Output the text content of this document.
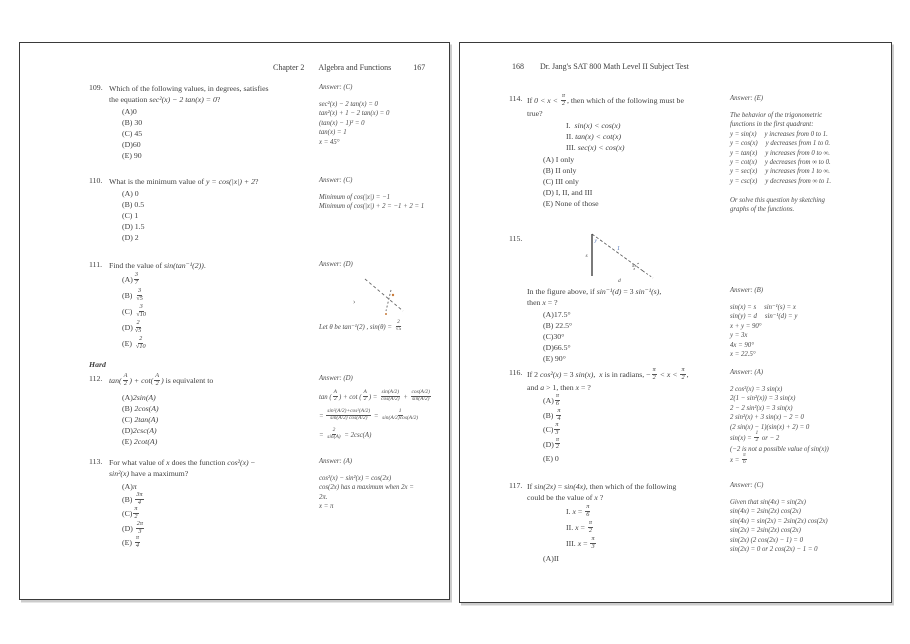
Chapter 2 Algebra and Functions	167
109. Which of the following values, in degrees, satisfies
the equation sec²(x) − 2 tan(x) = 0?
(A)0
(B) 30
(C) 45
(D)60
(E) 90
Answer: (C)
sec²(x) − 2 tan(x) = 0
tan²(x) + 1 − 2 tan(x) = 0
(tan(x) − 1)² = 0
tan(x) = 1
x = 45°
110. What is the minimum value of y = cos(|x|) + 2?
(A) 0
(B) 0.5
(C) 1
(D) 1.5
(D) 2
Answer: (C)
Minimum of cos(|x|) = −1
Minimum of cos(|x|) + 2 = −1 + 2 = 1
111. Find the value of sin(tan⁻¹(2)).
$(A) \frac{3}{7}$
$(B) \frac{3}{√5}$
$(C) \frac{3}{√10}$
$(D) \frac{2}{√5}$
$(E) \frac{2}{√10}$
Answer: (D)
›
Let θ be tan⁻¹(2) , $\sin(\theta) = \frac{2}{√5}$
Hard
112. $\tan( \frac{A}{2}$ ) + $\cot( \frac{A}{2}$ ) is equivalent to
(A)2sin(A)
(B) 2cos(A)
(C) 2tan(A)
(D)2csc(A)
(E) 2cot(A)
Answer: (D)
tan ( $\frac{A}{2}$ ) + cot ( $\frac{A}{2}$ ) = $\frac{\sin(A/2)}{\cos(A/2)} + \frac{\cos(A/2)}{\sin(A/2)}$
= $\frac{\text{sin²(A/2)+cos²(A/2)}}{\sin(A/2) \cos(A/2)} = \frac{1}{\sin(A/2)\cos(A/2)}$
= $\frac{2}{\sin(A)} = 2\csc(A)$
113. For what value of x does the function cos²(x) −
sin²(x) have a maximum?
(A)π
$(B) \frac{3\pi}{4}$
$(C) \frac{\pi}{2}$
$(D) \frac{2\pi}{3}$
$(E) \frac{\pi}{4}$
Answer: (A)
cos²(x) − sin²(x) = cos(2x)
cos(2x) has a maximum when 2x =
2π.
x = π
168 Dr. Jang's SAT 800 Math Level II Subject Test
114. If $0 < x < \frac{\pi}{2}$ , then which of the following must be
true?
I.  sin(x) < cos(x)
II. tan(x) < cot(x)
III. sec(x) < cos(x)
(A) I only
(B) II only
(C) III only
(D) I, II, and III
(E) None of those
Answer: (E)
The behavior of the trigonometric
functions in the first quadrant:
y = sin(x) y increases from 0 to 1.
y = cos(x) y decreases from 1 to 0.
y = tan(x) y increases from 0 to ∞.
y = cot(x) y decreases from ∞ to 0.
y = sec(x) y increases from 1 to ∞.
y = csc(x) y decreases from ∞ to 1.

Or solve this question by sketching
graphs of the functions.
115.	y
1
s
x
d
In the figure above, if sin⁻¹(d) = 3 sin⁻¹(s),
then x = ?
(A)17.5°
(B) 22.5°
(C)30°
(D)66.5°
(E) 90°
Answer: (B)
sin(x) = s sin⁻¹(s) = x
sin(y) = d sin⁻¹(d) = y
x + y = 90°
y = 3x
4x = 90°
x = 22.5°
116. If 2 cos²(x) = 3 sin(x),  x is in radians, − $\frac{\pi}{2} < x < \frac{\pi}{2}$ ,
and a > 1, then x = ?
$(A) \frac{\pi}{6}$
$(B) \frac{\pi}{4}$
$(C) \frac{\pi}{3}$
$(D) \frac{\pi}{2}$
(E) 0
Answer: (A)
2 cos²(x) = 3 sin(x)
2(1 − sin²(x)) = 3 sin(x)
2 − 2 sin²(x) = 3 sin(x)
2 sin²(x) + 3 sin(x) − 2 = 0
(2 sin(x) − 1)(sin(x) + 2) = 0
$\sin(x) = \frac{1}{2}$ or − 2
(−2 is not a possible value of sin(x))
$x = \frac{\pi}{6}$
117. If sin(2x) = sin(4x), then which of the following
could be the value of x ?
I. $x = \frac{\pi}{6}$
II. $x = \frac{\pi}{2}$
III. $x = \frac{\pi}{3}$
(A)II
Answer: (C)
Given that sin(4x) = sin(2x)
sin(4x) = 2sin(2x) cos(2x)
sin(4x) = sin(2x) = 2sin(2x) cos(2x)
sin(2x) = 2sin(2x) cos(2x)
sin(2x) (2 cos(2x) − 1) = 0
sin(2x) = 0 or 2 cos(2x) − 1 = 0
